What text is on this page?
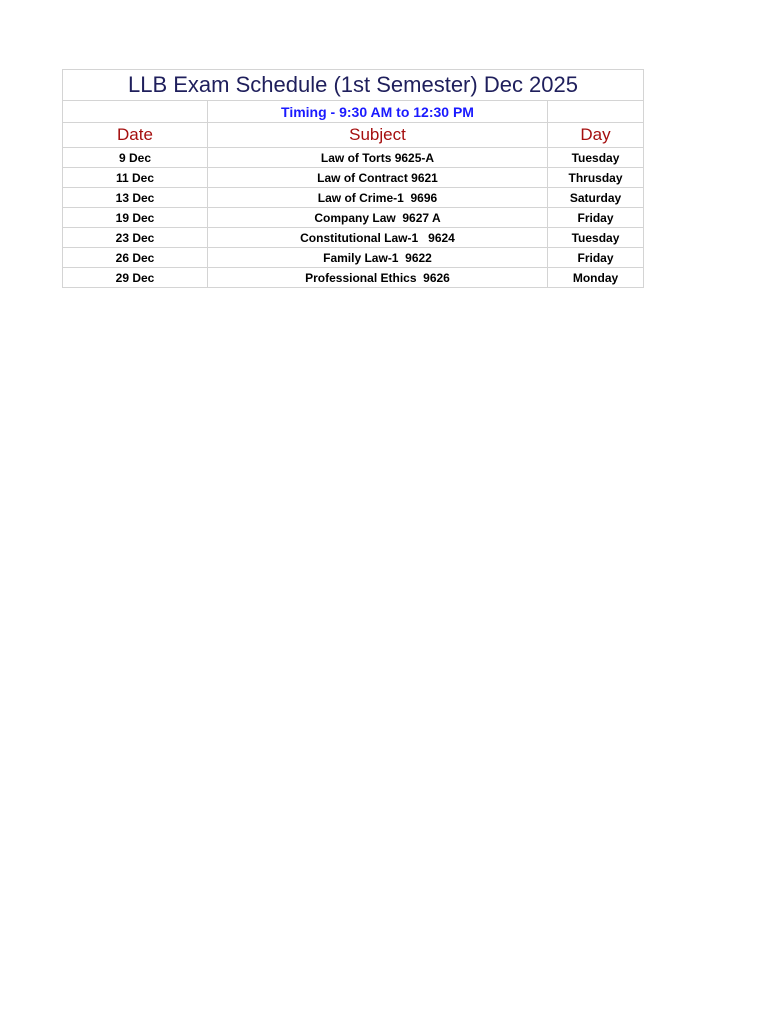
LLB Exam Schedule (1st Semester) Dec 2025		
	Timing - 9:30 AM to 12:30 PM	
Date	Subject	Day
9 Dec	Law of Torts 9625-A	Tuesday
11 Dec	Law of Contract 9621	Thrusday
13 Dec	Law of Crime-1  9696	Saturday
19 Dec	Company Law  9627 A	Friday
23 Dec	Constitutional Law-1   9624	Tuesday
26 Dec	Family Law-1  9622	Friday
29 Dec	Professional Ethics  9626	Monday
